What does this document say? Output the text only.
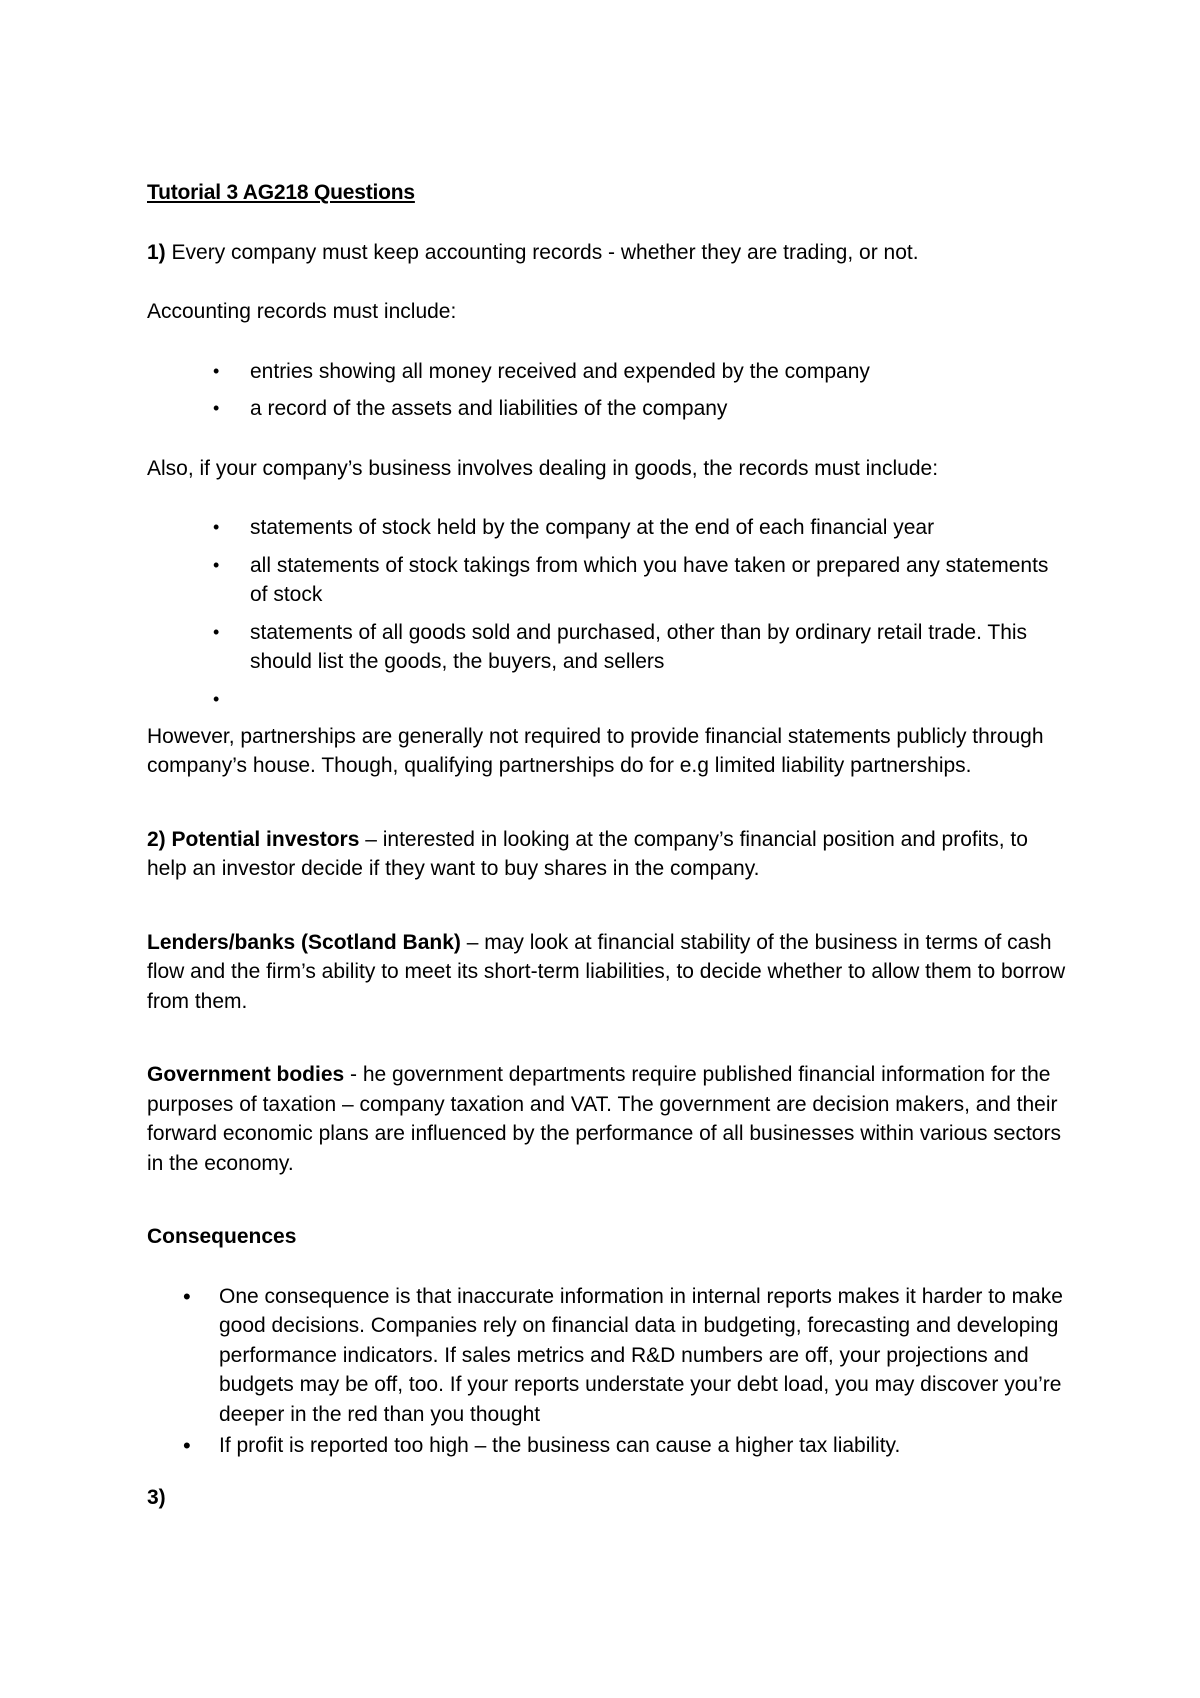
Tutorial 3 AG218 Questions

1) Every company must keep accounting records - whether they are trading, or not.

Accounting records must include:

• entries showing all money received and expended by the company
• a record of the assets and liabilities of the company

Also, if your company’s business involves dealing in goods, the records must include:

• statements of stock held by the company at the end of each financial year
• all statements of stock takings from which you have taken or prepared any statements of stock
• statements of all goods sold and purchased, other than by ordinary retail trade. This should list the goods, the buyers, and sellers
•

However, partnerships are generally not required to provide financial statements publicly through company’s house. Though, qualifying partnerships do for e.g limited liability partnerships.

2) Potential investors – interested in looking at the company’s financial position and profits, to help an investor decide if they want to buy shares in the company.

Lenders/banks (Scotland Bank) – may look at financial stability of the business in terms of cash flow and the firm’s ability to meet its short-term liabilities, to decide whether to allow them to borrow from them.

Government bodies - he government departments require published financial information for the purposes of taxation – company taxation and VAT. The government are decision makers, and their forward economic plans are influenced by the performance of all businesses within various sectors in the economy.

Consequences

• One consequence is that inaccurate information in internal reports makes it harder to make good decisions. Companies rely on financial data in budgeting, forecasting and developing performance indicators. If sales metrics and R&D numbers are off, your projections and budgets may be off, too. If your reports understate your debt load, you may discover you’re deeper in the red than you thought
• If profit is reported too high – the business can cause a higher tax liability.

3)
